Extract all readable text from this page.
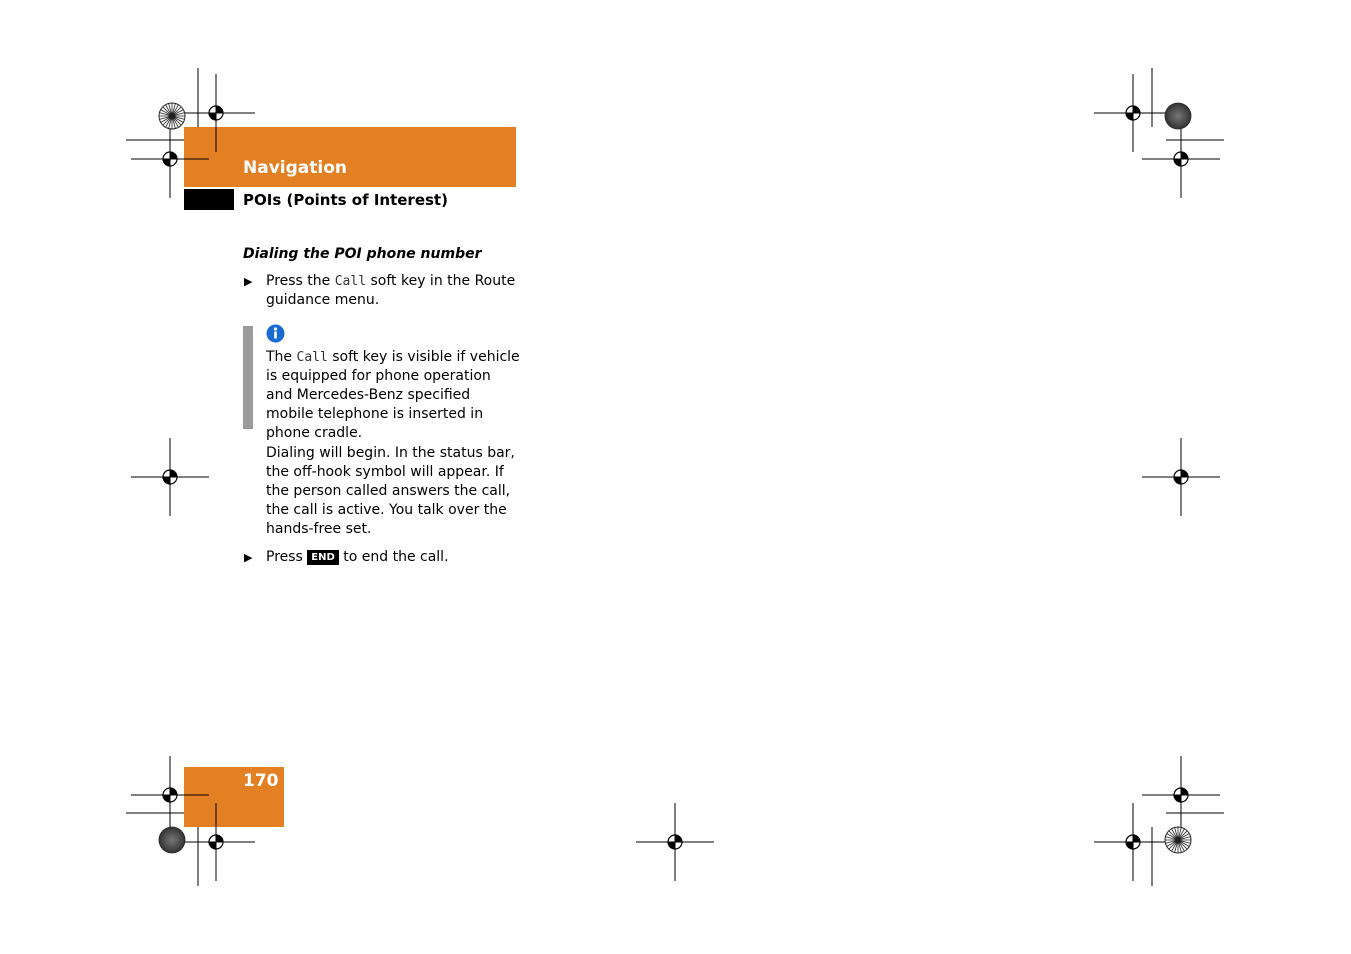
Navigation
POIs (Points of Interest)
Dialing the POI phone number
▶ Press the Call soft key in the Route guidance menu.
The Call soft key is visible if vehicle is equipped for phone operation and Mercedes-Benz specified mobile telephone is inserted in phone cradle.
Dialing will begin. In the status bar, the off-hook symbol will appear. If the person called answers the call, the call is active. You talk over the hands-free set.
▶ Press END to end the call.
170
